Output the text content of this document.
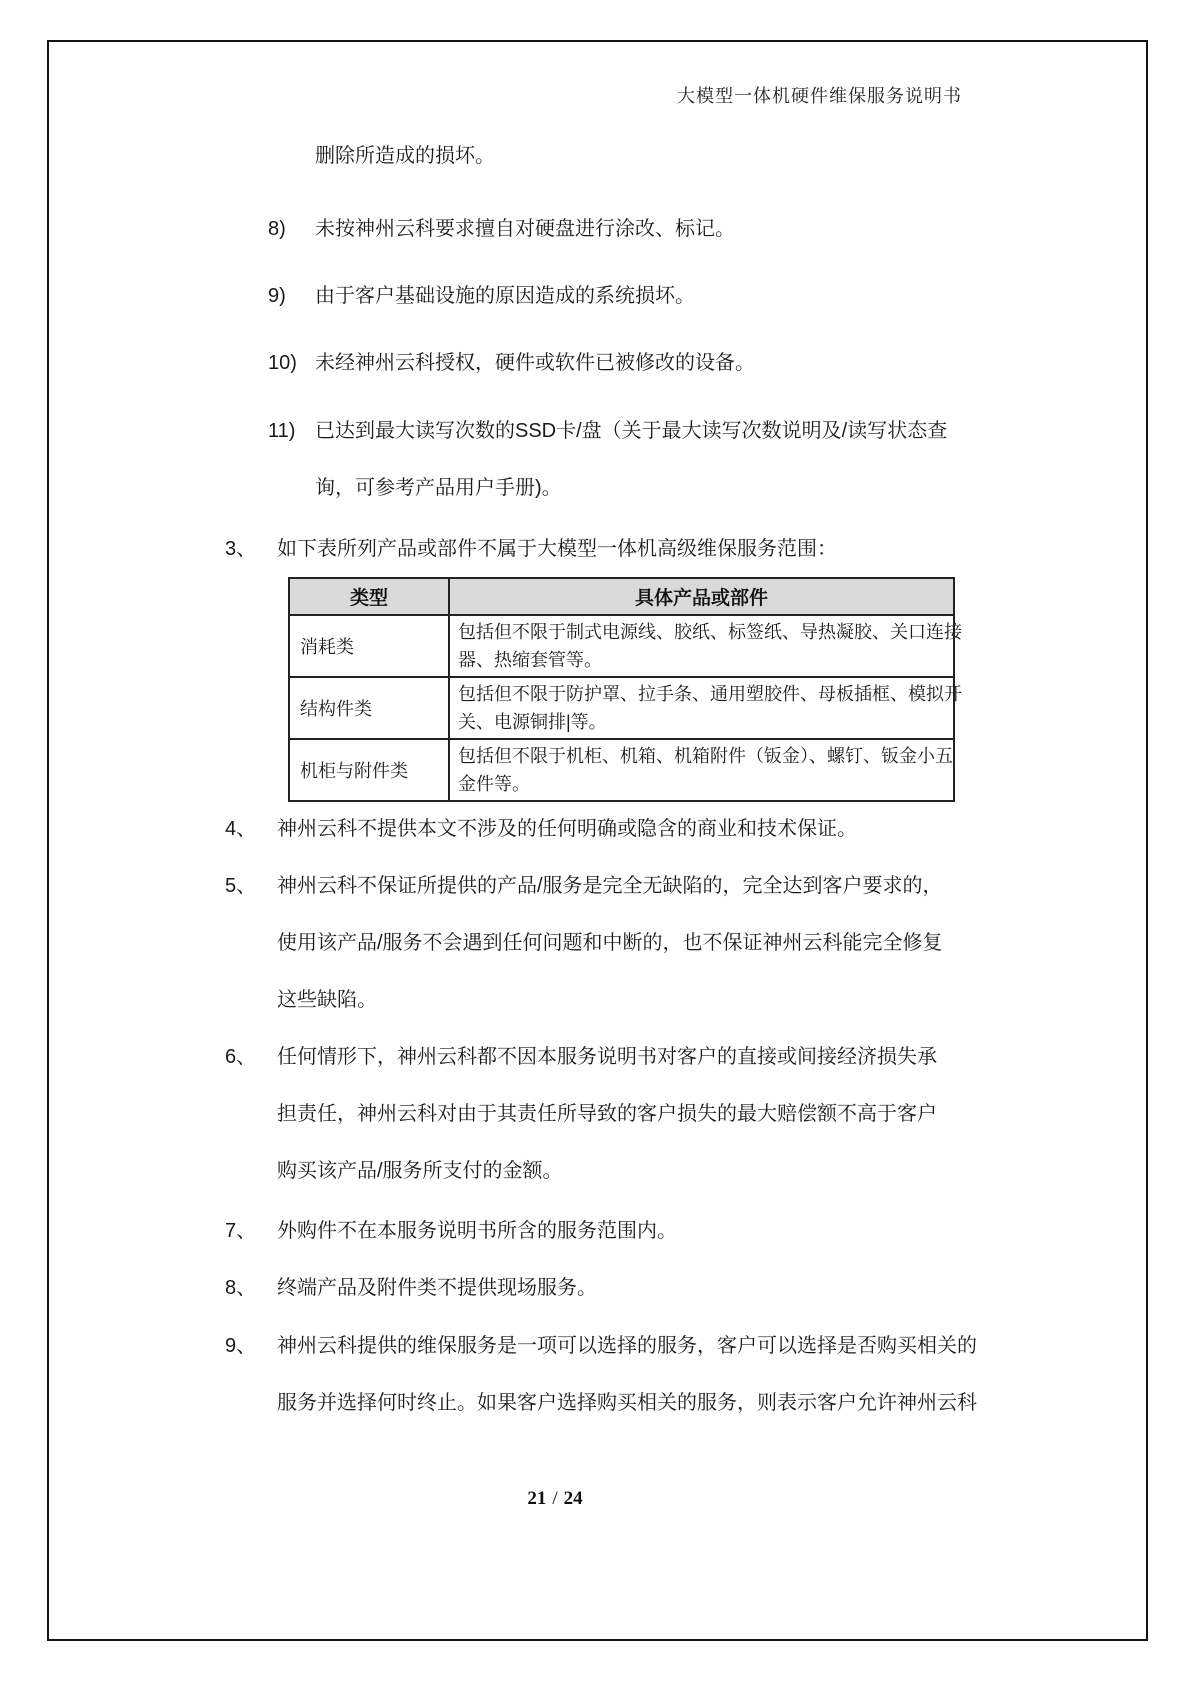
大模型一体机硬件维保服务说明书
删除所造成的损坏。
8)	未按神州云科要求擅自对硬盘进行涂改、标记。
9)	由于客户基础设施的原因造成的系统损坏。
10) 未经神州云科授权，硬件或软件已被修改的设备。
11) 已达到最大读写次数的SSD卡/盘（关于最大读写次数说明及/读写状态查
询，可参考产品用户手册)。
3、	如下表所列产品或部件不属于大模型一体机高级维保服务范围：
类型	具体产品或部件
消耗类	包括但不限于制式电源线、胶纸、标签纸、导热凝胶、关口连接
器、热缩套管等。

结构件类	包括但不限于防护罩、拉手条、通用塑胶件、母板插框、模拟开
关、电源铜排|等。

机柜与附件类	包括但不限于机柜、机箱、机箱附件（钣金）、螺钉、钣金小五
金件等。
4、	神州云科不提供本文不涉及的任何明确或隐含的商业和技术保证。
5、	神州云科不保证所提供的产品/服务是完全无缺陷的，完全达到客户要求的，
使用该产品/服务不会遇到任何问题和中断的，也不保证神州云科能完全修复
这些缺陷。
6、	任何情形下，神州云科都不因本服务说明书对客户的直接或间接经济损失承
担责任，神州云科对由于其责任所导致的客户损失的最大赔偿额不高于客户
购买该产品/服务所支付的金额。
7、	外购件不在本服务说明书所含的服务范围内。
8、	终端产品及附件类不提供现场服务。
9、	神州云科提供的维保服务是一项可以选择的服务，客户可以选择是否购买相关的
服务并选择何时终止。如果客户选择购买相关的服务，则表示客户允许神州云科
21 / 24
